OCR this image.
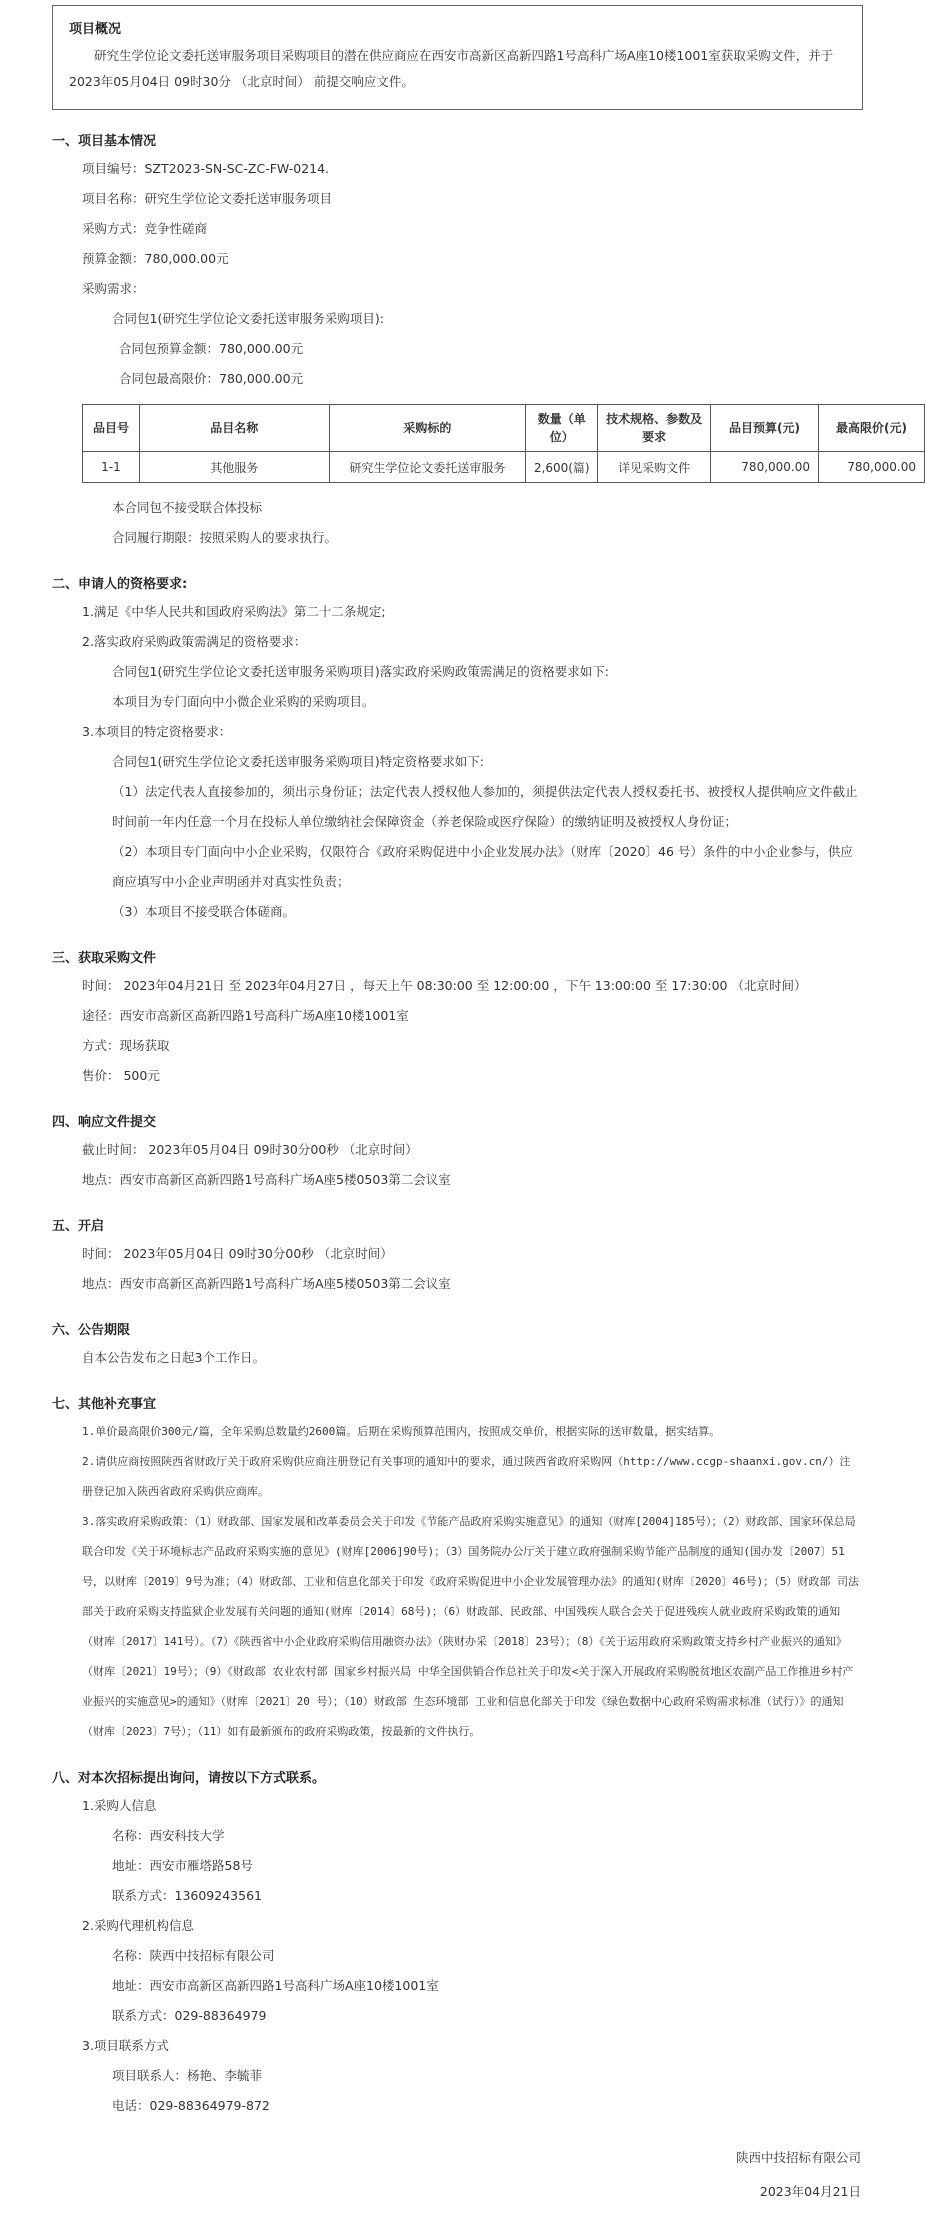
项目概况
研究生学位论文委托送审服务项目采购项目的潜在供应商应在西安市高新区高新四路1号高科广场A座10楼1001室获取采购文件，并于 2023年05月04日 09时30分 （北京时间） 前提交响应文件。
一、项目基本情况
项目编号：SZT2023-SN-SC-ZC-FW-0214.
项目名称：研究生学位论文委托送审服务项目
采购方式：竞争性磋商
预算金额：780,000.00元
采购需求：
合同包1(研究生学位论文委托送审服务采购项目):
合同包预算金额：780,000.00元
合同包最高限价：780,000.00元
品目号	品目名称	采购标的	数量（单位）	技术规格、参数及要求	品目预算(元)	最高限价(元)
1-1	其他服务	研究生学位论文委托送审服务	2,600(篇)	详见采购文件	780,000.00	780,000.00
本合同包不接受联合体投标
合同履行期限：按照采购人的要求执行。
二、申请人的资格要求:
1.满足《中华人民共和国政府采购法》第二十二条规定;
2.落实政府采购政策需满足的资格要求：
合同包1(研究生学位论文委托送审服务采购项目)落实政府采购政策需满足的资格要求如下:
本项目为专门面向中小微企业采购的采购项目。
3.本项目的特定资格要求：
合同包1(研究生学位论文委托送审服务采购项目)特定资格要求如下:
（1）法定代表人直接参加的，须出示身份证；法定代表人授权他人参加的，须提供法定代表人授权委托书、被授权人提供响应文件截止时间前一年内任意一个月在投标人单位缴纳社会保障资金（养老保险或医疗保险）的缴纳证明及被授权人身份证；
（2）本项目专门面向中小企业采购，仅限符合《政府采购促进中小企业发展办法》（财库〔2020〕46 号）条件的中小企业参与，供应商应填写中小企业声明函并对真实性负责；
（3）本项目不接受联合体磋商。
三、获取采购文件
时间： 2023年04月21日 至 2023年04月27日 ，每天上午 08:30:00 至 12:00:00 ，下午 13:00:00 至 17:30:00 （北京时间）
途径：西安市高新区高新四路1号高科广场A座10楼1001室
方式：现场获取
售价： 500元
四、响应文件提交
截止时间： 2023年05月04日 09时30分00秒 （北京时间）
地点：西安市高新区高新四路1号高科广场A座5楼0503第二会议室
五、开启
时间： 2023年05月04日 09时30分00秒 （北京时间）
地点：西安市高新区高新四路1号高科广场A座5楼0503第二会议室
六、公告期限
自本公告发布之日起3个工作日。
七、其他补充事宜

1.单价最高限价300元/篇，全年采购总数量约2600篇。后期在采购预算范围内，按照成交单价，根据实际的送审数量，据实结算。

2.请供应商按照陕西省财政厅关于政府采购供应商注册登记有关事项的通知中的要求，通过陕西省政府采购网（http://www.ccgp-shaanxi.gov.cn/）注册登记加入陕西省政府采购供应商库。

3.落实政府采购政策：（1）财政部、国家发展和改革委员会关于印发《节能产品政府采购实施意见》的通知（财库[2004]185号）；（2）财政部、国家环保总局联合印发《关于环境标志产品政府采购实施的意见》(财库[2006]90号)；（3）国务院办公厅关于建立政府强制采购节能产品制度的通知(国办发〔2007〕51号，以财库〔2019〕9号为准；（4）财政部、工业和信息化部关于印发《政府采购促进中小企业发展管理办法》的通知(财库〔2020〕46号)；（5）财政部 司法部关于政府采购支持监狱企业发展有关问题的通知(财库〔2014〕68号)；（6）财政部、民政部、中国残疾人联合会关于促进残疾人就业政府采购政策的通知（财库〔2017〕141号）。（7）《陕西省中小企业政府采购信用融资办法》（陕财办采〔2018〕23号）；（8）《关于运用政府采购政策支持乡村产业振兴的通知》（财库〔2021〕19号）；（9）《财政部 农业农村部 国家乡村振兴局 中华全国供销合作总社关于印发<关于深入开展政府采购脱贫地区农副产品工作推进乡村产业振兴的实施意见>的通知》（财库〔2021〕20 号）；（10）财政部 生态环境部 工业和信息化部关于印发《绿色数据中心政府采购需求标准（试行）》的通知（财库〔2023〕7号）；（11）如有最新颁布的政府采购政策，按最新的文件执行。

八、对本次招标提出询问，请按以下方式联系。
1.采购人信息
名称：西安科技大学
地址：西安市雁塔路58号
联系方式：13609243561
2.采购代理机构信息
名称：陕西中技招标有限公司
地址：西安市高新区高新四路1号高科广场A座10楼1001室
联系方式：029-88364979
3.项目联系方式
项目联系人：杨艳、李毓菲
电话：029-88364979-872
陕西中技招标有限公司
2023年04月21日
